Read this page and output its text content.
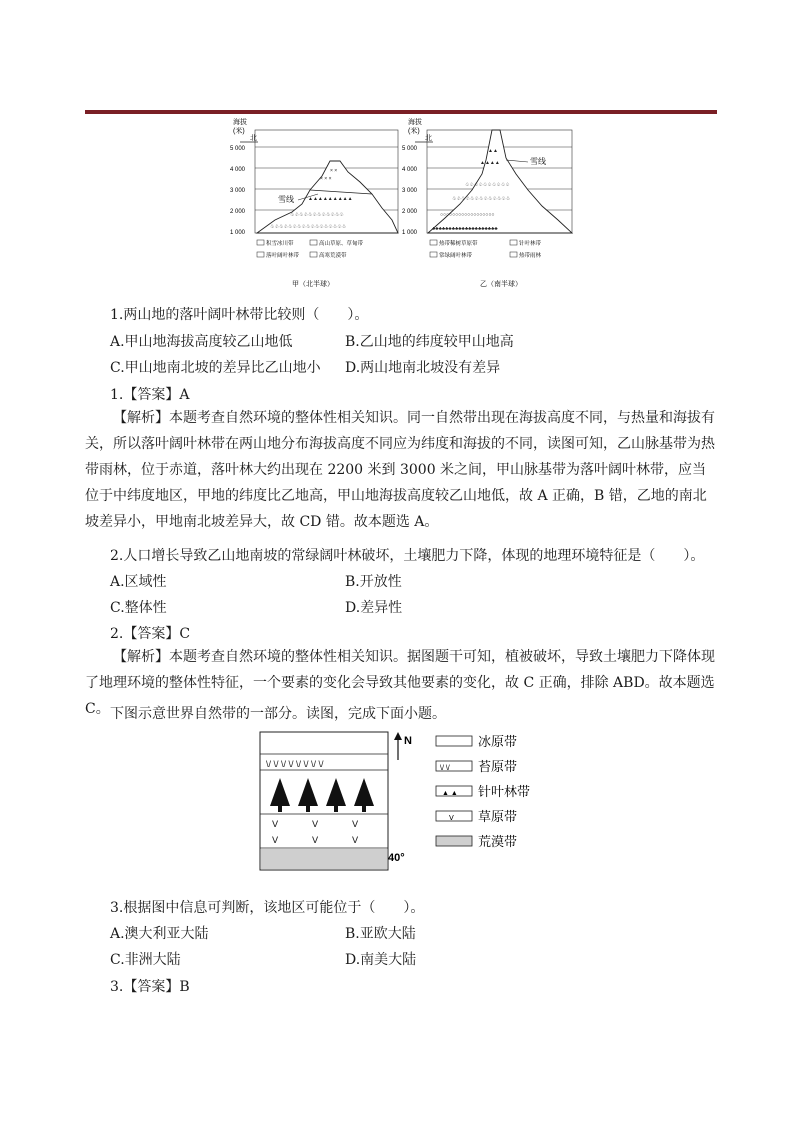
海拔
(米)
北
5 000
4 000
3 000
2 000
1 000
× × ×
× ×
▲▲▲▲▲▲▲▲▲
♧♧♧♧♧♧♧♧♧♧♧♧
♧♧♧♧♧♧♧♧♧♧♧♧♧♧♧♧♧
雪线
积雪冰川带	高山草原、草甸带
落叶阔叶林带	高寒荒漠带
甲（北半球）
海拔
(米)
北
5 000
4 000
3 000
2 000
1 000
▲▲
▲▲▲▲
♤♤♤♤♤♤♤♤♤♤
♧♧♧♧♧♧♧♧♧♧♧♧♧
○○○○○○○○○○○○○○○○○○
♣♣♣♣♣♣♣♣♣♣♣♣♣♣♣♣♣♣♣♣
雪线
热带稀树草原带	针叶林带
常绿阔叶林带	热带雨林
乙（南半球）
1.两山地的落叶阔叶林带比较则（　　）。
A.甲山地海拔高度较乙山地低	B.乙山地的纬度较甲山地高
C.甲山地南北坡的差异比乙山地小 D.两山地南北坡没有差异
1.【答案】A
【解析】本题考查自然环境的整体性相关知识。同一自然带出现在海拔高度不同，与热量和海拔有关，所以落叶阔叶林带在两山地分布海拔高度不同应为纬度和海拔的不同，读图可知，乙山脉基带为热带雨林，位于赤道，落叶林大约出现在 2200 米到 3000 米之间，甲山脉基带为落叶阔叶林带，应当位于中纬度地区，甲地的纬度比乙地高，甲山地海拔高度较乙山地低，故 A 正确，B 错，乙地的南北坡差异小，甲地南北坡差异大，故 CD 错。故本题选 A。
2.人口增长导致乙山地南坡的常绿阔叶林破坏，土壤肥力下降，体现的地理环境特征是（　　）。
A.区域性	B.开放性
C.整体性	D.差异性
2.【答案】C
【解析】本题考查自然环境的整体性相关知识。据图题干可知，植被破坏，导致土壤肥力下降体现了地理环境的整体性特征，一个要素的变化会导致其他要素的变化，故 C 正确，排除 ABD。故本题选 C。 下图示意世界自然带的一部分。读图，完成下面小题。
\/ \/ \/ \/ \/ \/ \/ \/
ᐯ	ᐯ	ᐯ
ᐯ	ᐯ	ᐯ
N
40°
冰原带
\/ \/ 苔原带
▲ ▲ 针叶林带
ᐯ 草原带
荒漠带
3.根据图中信息可判断，该地区可能位于（　　）。
A.澳大利亚大陆	B.亚欧大陆
C.非洲大陆	D.南美大陆
3.【答案】B
